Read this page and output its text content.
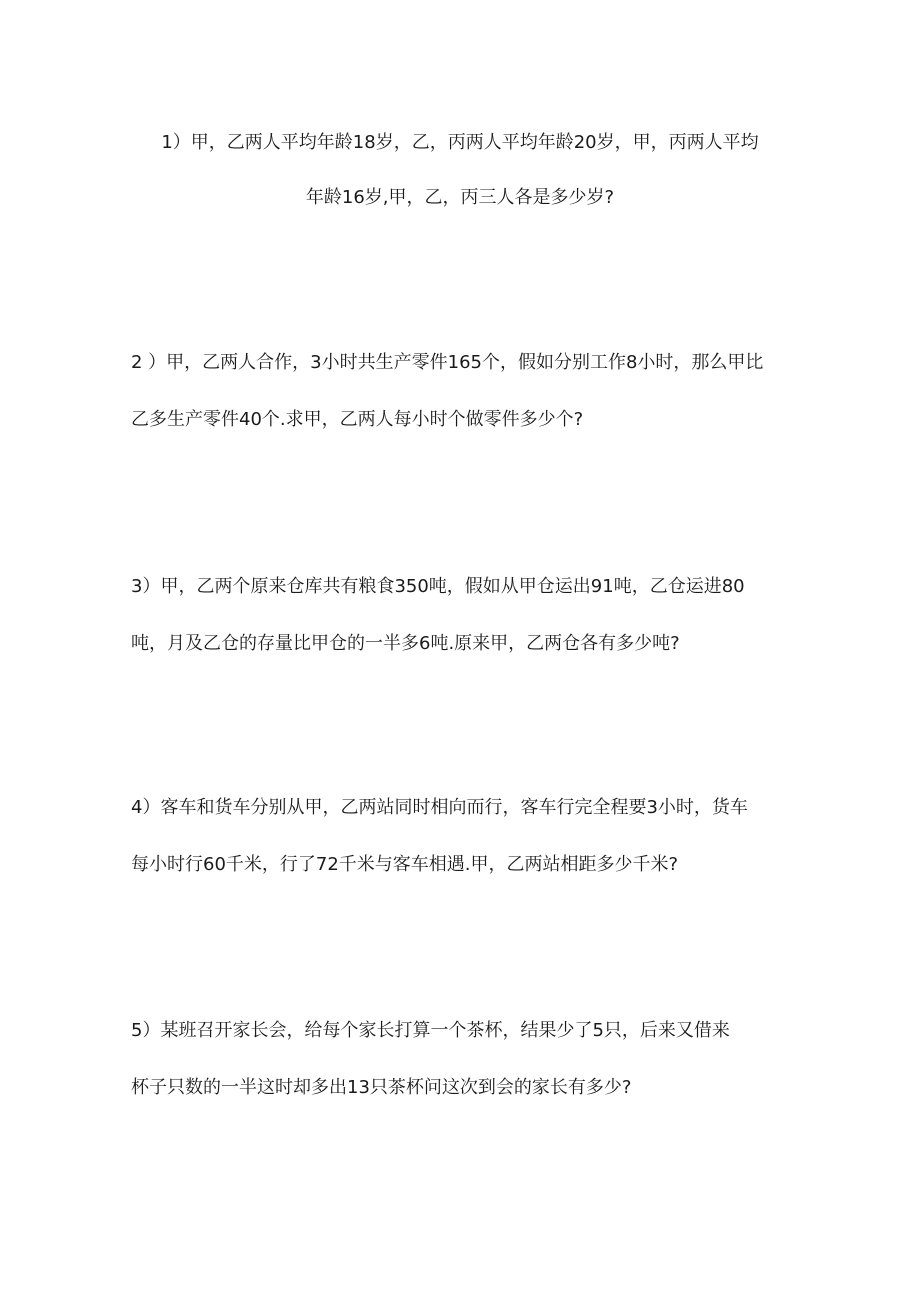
1）甲，乙两人平均年龄18岁，乙，丙两人平均年龄20岁，甲，丙两人平均
年龄16岁,甲，乙，丙三人各是多少岁?
2 ）甲，乙两人合作，3小时共生产零件165个，假如分别工作8小时，那么甲比
乙多生产零件40个.求甲，乙两人每小时个做零件多少个?
3）甲，乙两个原来仓库共有粮食350吨，假如从甲仓运出91吨，乙仓运进80
吨，月及乙仓的存量比甲仓的一半多6吨.原来甲，乙两仓各有多少吨?
4）客车和货车分别从甲，乙两站同时相向而行，客车行完全程要3小时，货车
每小时行60千米，行了72千米与客车相遇.甲，乙两站相距多少千米?
5）某班召开家长会，给每个家长打算一个茶杯，结果少了5只，后来又借来
杯子只数的一半这时却多出13只茶杯问这次到会的家长有多少?
